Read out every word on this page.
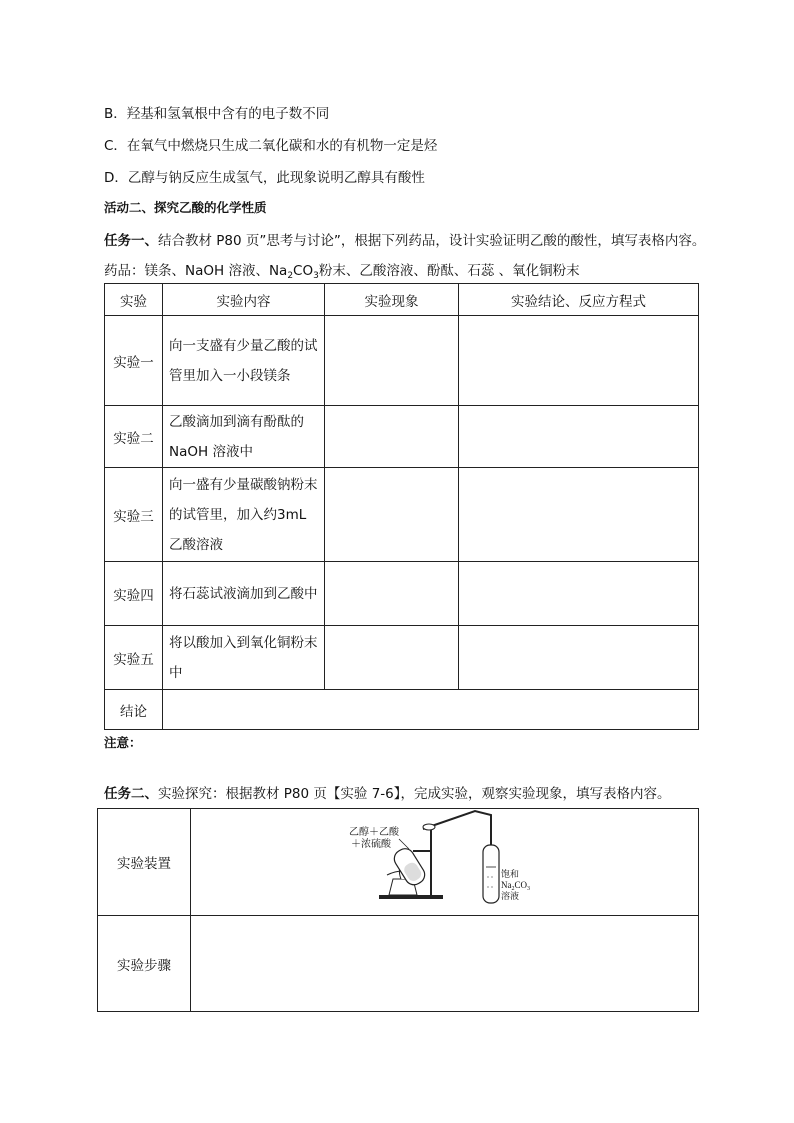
B．羟基和氢氧根中含有的电子数不同
C．在氧气中燃烧只生成二氧化碳和水的有机物一定是烃
D．乙醇与钠反应生成氢气，此现象说明乙醇具有酸性
活动二、探究乙酸的化学性质
任务一、结合教材 P80 页”思考与讨论”，根据下列药品，设计实验证明乙酸的酸性，填写表格内容。
药品：镁条、NaOH 溶液、$Na_2CO_3$粉末、乙酸溶液、酚酞、石蕊 、氧化铜粉末
实验	实验内容	实验现象	实验结论、反应方程式
实验一	向一支盛有少量乙酸的试管里加入一小段镁条		

实验二	乙酸滴加到滴有酚酞的NaOH 溶液中		

实验三	向一盛有少量碳酸钠粉末的试管里，加入约3mL 乙酸溶液		

实验四	将石蕊试液滴加到乙酸中		

实验五	将以酸加入到氧化铜粉末中		

结论			
注意：
任务二、实验探究：根据教材 P80 页【实验 7-6】，完成实验，观察实验现象，填写表格内容。
实验装置	乙醇＋乙酸
＋浓硫酸
饱和
$Na_2CO_3$
溶液

实验步骤	
